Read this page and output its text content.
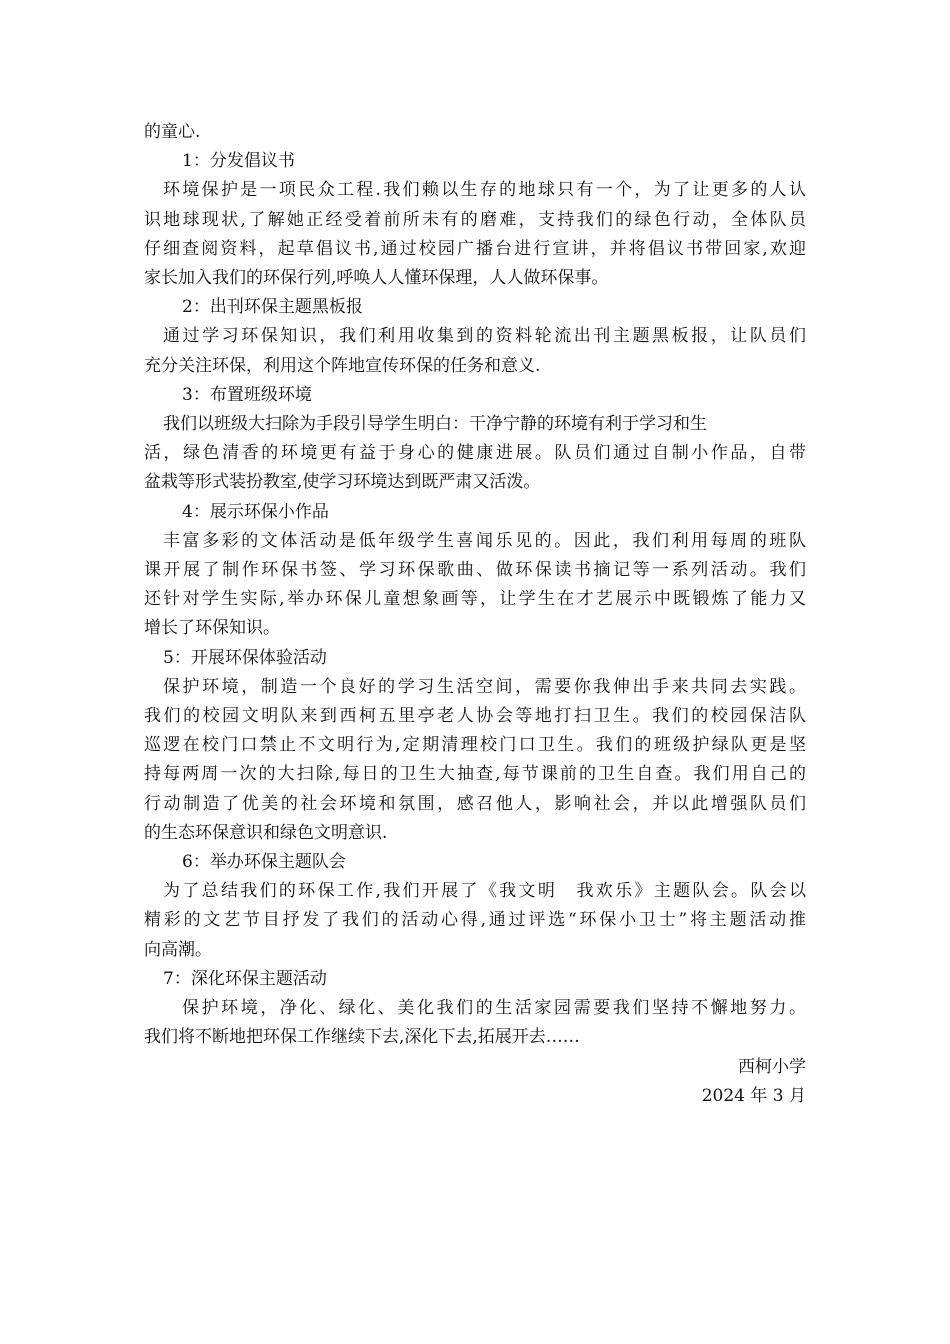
的童心.
1：分发倡议书
环境保护是一项民众工程.我们赖以生存的地球只有一个，为了让更多的人认
识地球现状,了解她正经受着前所未有的磨难，支持我们的绿色行动，全体队员
仔细查阅资料，起草倡议书,通过校园广播台进行宣讲，并将倡议书带回家,欢迎
家长加入我们的环保行列,呼唤人人懂环保理，人人做环保事。
2：出刊环保主题黑板报
通过学习环保知识，我们利用收集到的资料轮流出刊主题黑板报，让队员们
充分关注环保，利用这个阵地宣传环保的任务和意义.
3：布置班级环境
我们以班级大扫除为手段引导学生明白：干净宁静的环境有利于学习和生
活，绿色清香的环境更有益于身心的健康进展。队员们通过自制小作品，自带
盆栽等形式装扮教室,使学习环境达到既严肃又活泼。
4：展示环保小作品
丰富多彩的文体活动是低年级学生喜闻乐见的。因此，我们利用每周的班队
课开展了制作环保书签、学习环保歌曲、做环保读书摘记等一系列活动。我们
还针对学生实际,举办环保儿童想象画等，让学生在才艺展示中既锻炼了能力又
增长了环保知识。
5：开展环保体验活动
保护环境，制造一个良好的学习生活空间，需要你我伸出手来共同去实践。
我们的校园文明队来到西柯五里亭老人协会等地打扫卫生。我们的校园保洁队
巡逻在校门口禁止不文明行为,定期清理校门口卫生。我们的班级护绿队更是坚
持每两周一次的大扫除,每日的卫生大抽查,每节课前的卫生自查。我们用自己的
行动制造了优美的社会环境和氛围，感召他人，影响社会，并以此增强队员们
的生态环保意识和绿色文明意识.
6：举办环保主题队会
为了总结我们的环保工作,我们开展了《我文明　我欢乐》主题队会。队会以
精彩的文艺节目抒发了我们的活动心得,通过评选“环保小卫士”将主题活动推
向高潮。
7：深化环保主题活动
保护环境，净化、绿化、美化我们的生活家园需要我们坚持不懈地努力。
我们将不断地把环保工作继续下去,深化下去,拓展开去……
西柯小学
2024 年 3 月
